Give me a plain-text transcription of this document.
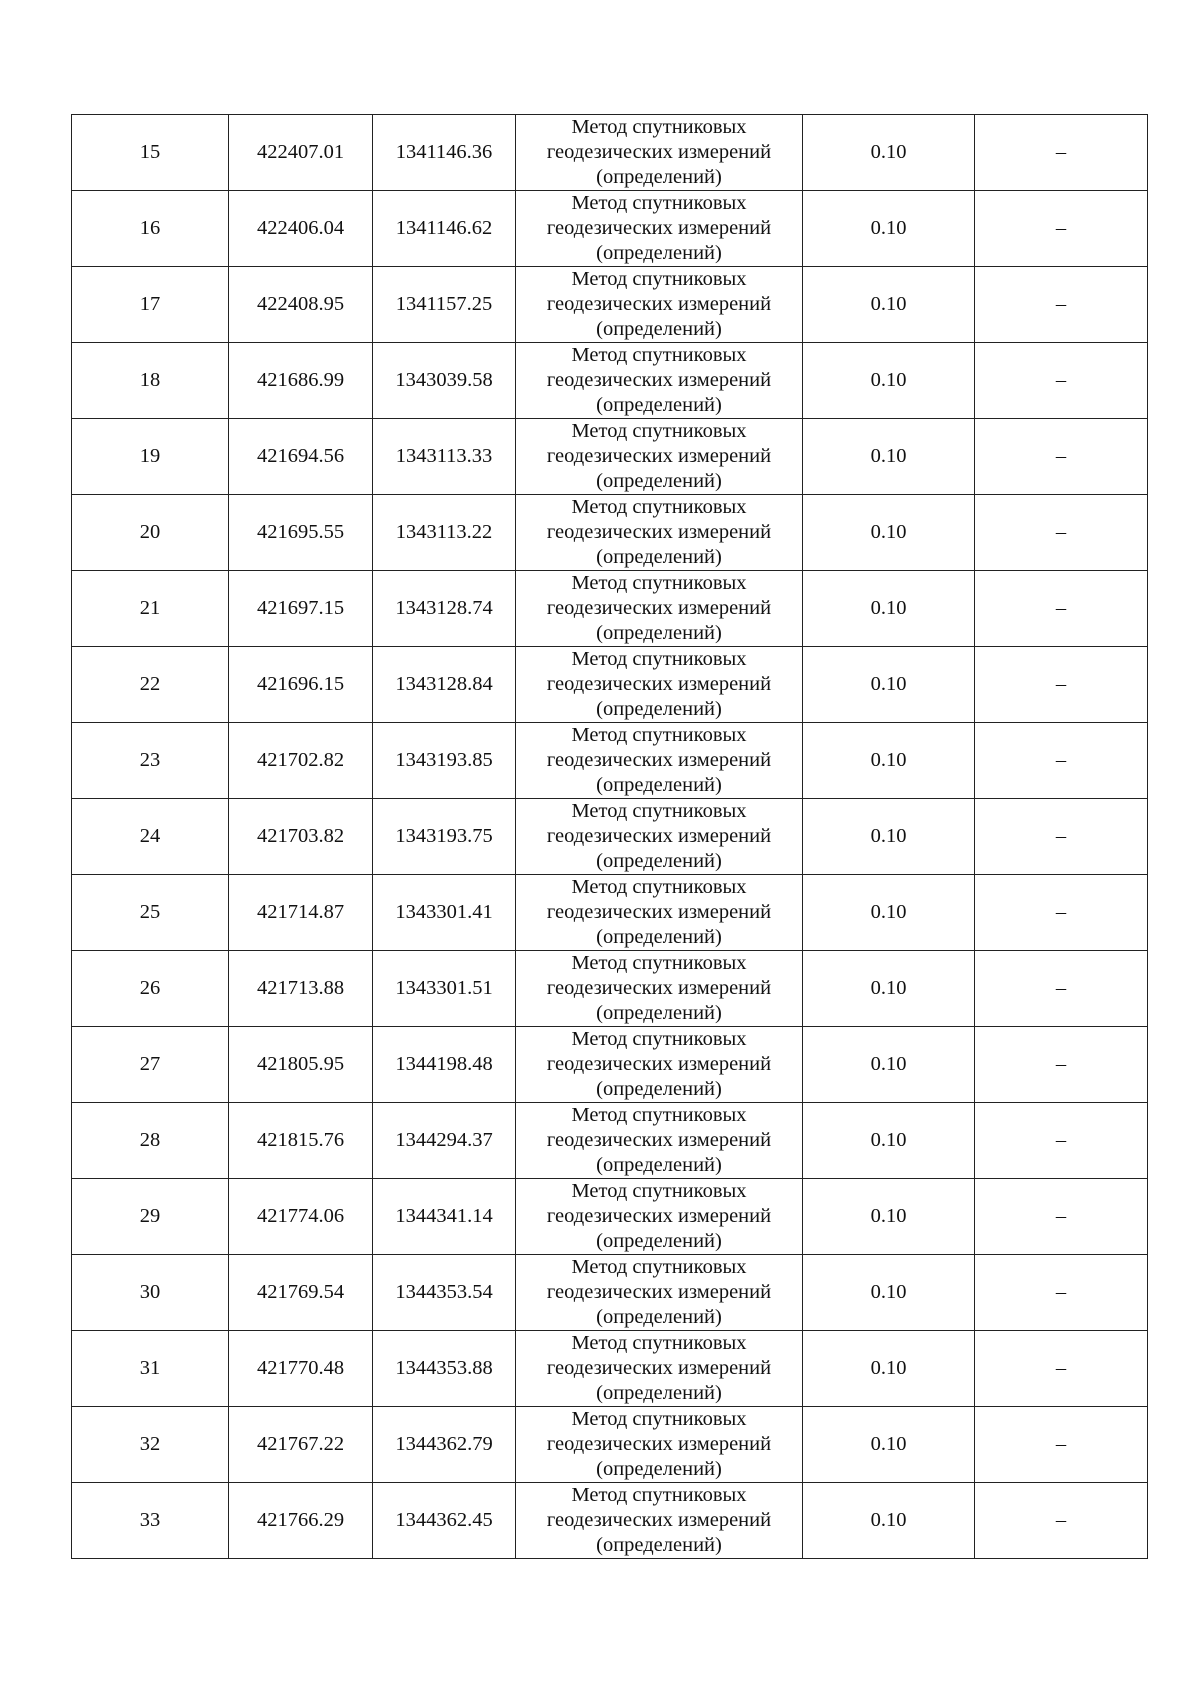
15	422407.01	1341146.36	Метод спутниковых
геодезических измерений
(определений)	0.10	–
16	422406.04	1341146.62	Метод спутниковых
геодезических измерений
(определений)	0.10	–
17	422408.95	1341157.25	Метод спутниковых
геодезических измерений
(определений)	0.10	–
18	421686.99	1343039.58	Метод спутниковых
геодезических измерений
(определений)	0.10	–
19	421694.56	1343113.33	Метод спутниковых
геодезических измерений
(определений)	0.10	–
20	421695.55	1343113.22	Метод спутниковых
геодезических измерений
(определений)	0.10	–
21	421697.15	1343128.74	Метод спутниковых
геодезических измерений
(определений)	0.10	–
22	421696.15	1343128.84	Метод спутниковых
геодезических измерений
(определений)	0.10	–
23	421702.82	1343193.85	Метод спутниковых
геодезических измерений
(определений)	0.10	–
24	421703.82	1343193.75	Метод спутниковых
геодезических измерений
(определений)	0.10	–
25	421714.87	1343301.41	Метод спутниковых
геодезических измерений
(определений)	0.10	–
26	421713.88	1343301.51	Метод спутниковых
геодезических измерений
(определений)	0.10	–
27	421805.95	1344198.48	Метод спутниковых
геодезических измерений
(определений)	0.10	–
28	421815.76	1344294.37	Метод спутниковых
геодезических измерений
(определений)	0.10	–
29	421774.06	1344341.14	Метод спутниковых
геодезических измерений
(определений)	0.10	–
30	421769.54	1344353.54	Метод спутниковых
геодезических измерений
(определений)	0.10	–
31	421770.48	1344353.88	Метод спутниковых
геодезических измерений
(определений)	0.10	–
32	421767.22	1344362.79	Метод спутниковых
геодезических измерений
(определений)	0.10	–
33	421766.29	1344362.45	Метод спутниковых
геодезических измерений
(определений)	0.10	–
